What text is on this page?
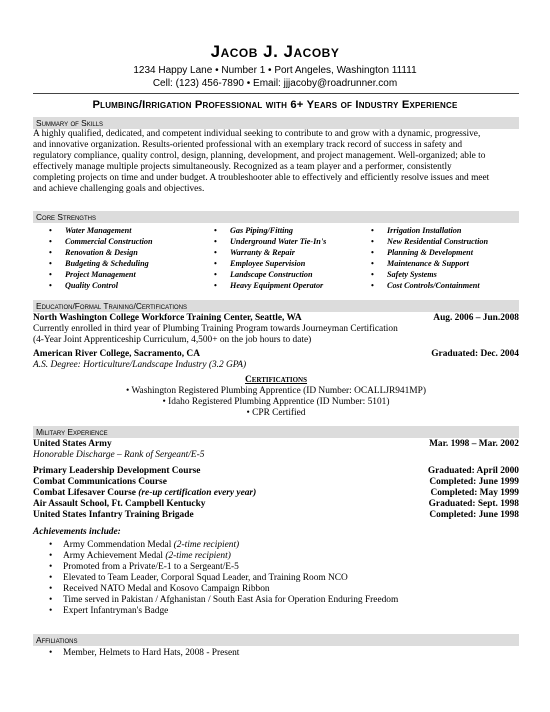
Jacob J. Jacoby
1234 Happy Lane • Number 1 • Port Angeles, Washington 11111
Cell: (123) 456-7890 • Email: jjjacoby@roadrunner.com
Plumbing/Irrigation Professional with 6+ Years of Industry Experience
Summary of Skills
A highly qualified, dedicated, and competent individual seeking to contribute to and grow with a dynamic, progressive,
and innovative organization. Results-oriented professional with an exemplary track record of success in safety and
regulatory compliance, quality control, design, planning, development, and project management. Well-organized; able to
effectively manage multiple projects simultaneously. Recognized as a team player and a performer, consistently
completing projects on time and under budget. A troubleshooter able to effectively and efficiently resolve issues and meet
and achieve challenging goals and objectives.
Core Strengths
• Water Management
• Commercial Construction
• Renovation & Design
• Budgeting & Scheduling
• Project Management
• Quality Control
• Gas Piping/Fitting
• Underground Water Tie-In's
• Warranty & Repair
• Employee Supervision
• Landscape Construction
• Heavy Equipment Operator
• Irrigation Installation
• New Residential Construction
• Planning & Development
• Maintenance & Support
• Safety Systems
• Cost Controls/Containment
Education/Formal Training/Certifications
North Washington College Workforce Training Center, Seattle, WA	Aug. 2006 – Jun.2008
Currently enrolled in third year of Plumbing Training Program towards Journeyman Certification
(4-Year Joint Apprenticeship Curriculum, 4,500+ on the job hours to date)
American River College, Sacramento, CA	Graduated: Dec. 2004
A.S. Degree: Horticulture/Landscape Industry (3.2 GPA)
Certifications
• Washington Registered Plumbing Apprentice (ID Number: OCALLJR941MP)
• Idaho Registered Plumbing Apprentice (ID Number: 5101)
• CPR Certified
Military Experience
United States Army	Mar. 1998 – Mar. 2002
Honorable Discharge – Rank of Sergeant/E-5
Primary Leadership Development Course	Graduated: April 2000
Combat Communications Course	Completed: June 1999
Combat Lifesaver Course (re-up certification every year)	Completed: May 1999
Air Assault School, Ft. Campbell Kentucky	Graduated: Sept. 1998
United States Infantry Training Brigade	Completed: June 1998
Achievements include:
• Army Commendation Medal (2-time recipient)
• Army Achievement Medal (2-time recipient)
• Promoted from a Private/E-1 to a Sergeant/E-5
• Elevated to Team Leader, Corporal Squad Leader, and Training Room NCO
• Received NATO Medal and Kosovo Campaign Ribbon
• Time served in Pakistan / Afghanistan / South East Asia for Operation Enduring Freedom
• Expert Infantryman's Badge
Affiliations
• Member, Helmets to Hard Hats, 2008 - Present
